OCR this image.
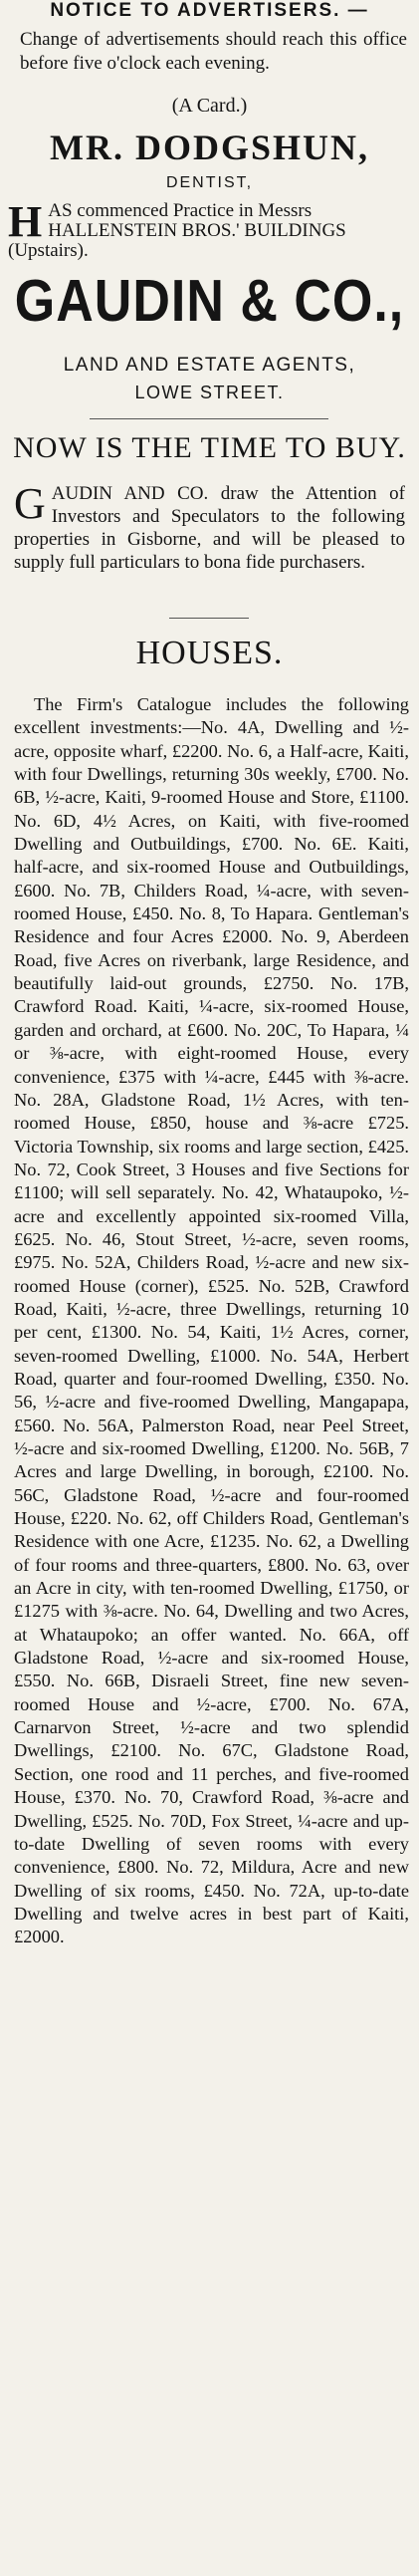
NOTICE TO ADVERTISERS. —
Change of advertisements should reach this office before five o'clock each evening.
(A Card.)
MR. DODGSHUN,
DENTIST,
HAS commenced Practice in Messrs HALLENSTEIN BROS.' BUILDINGS (Upstairs).
GAUDIN & CO.,
LAND AND ESTATE AGENTS,
LOWE STREET.
NOW IS THE TIME TO BUY.
GAUDIN AND CO. draw the Attention of Investors and Speculators to the following properties in Gisborne, and will be pleased to supply full particulars to bona fide purchasers.
HOUSES.
The Firm's Catalogue includes the following excellent investments:—No. 4A, Dwelling and ½-acre, opposite wharf, £2200. No. 6, a Half-acre, Kaiti, with four Dwellings, returning 30s weekly, £700. No. 6B, ½-acre, Kaiti, 9-roomed House and Store, £1100. No. 6D, 4½ Acres, on Kaiti, with five-roomed Dwelling and Outbuildings, £700. No. 6E. Kaiti, half-acre, and six-roomed House and Outbuildings, £600. No. 7B, Childers Road, ¼-acre, with seven-roomed House, £450. No. 8, To Hapara. Gentleman's Residence and four Acres £2000. No. 9, Aberdeen Road, five Acres on riverbank, large Residence, and beautifully laid-out grounds, £2750. No. 17B, Crawford Road. Kaiti, ¼-acre, six-roomed House, garden and orchard, at £600. No. 20C, To Hapara, ¼ or ⅜-acre, with eight-roomed House, every convenience, £375 with ¼-acre, £445 with ⅜-acre. No. 28A, Gladstone Road, 1½ Acres, with ten-roomed House, £850, house and ⅜-acre £725. Victoria Township, six rooms and large section, £425. No. 72, Cook Street, 3 Houses and five Sections for £1100; will sell separately. No. 42, Whataupoko, ½-acre and excellently appointed six-roomed Villa, £625. No. 46, Stout Street, ½-acre, seven rooms, £975. No. 52A, Childers Road, ½-acre and new six-roomed House (corner), £525. No. 52B, Crawford Road, Kaiti, ½-acre, three Dwellings, returning 10 per cent, £1300. No. 54, Kaiti, 1½ Acres, corner, seven-roomed Dwelling, £1000. No. 54A, Herbert Road, quarter and four-roomed Dwelling, £350. No. 56, ½-acre and five-roomed Dwelling, Mangapapa, £560. No. 56A, Palmerston Road, near Peel Street, ½-acre and six-roomed Dwelling, £1200. No. 56B, 7 Acres and large Dwelling, in borough, £2100. No. 56C, Gladstone Road, ½-acre and four-roomed House, £220. No. 62, off Childers Road, Gentleman's Residence with one Acre, £1235. No. 62, a Dwelling of four rooms and three-quarters, £800. No. 63, over an Acre in city, with ten-roomed Dwelling, £1750, or £1275 with ⅜-acre. No. 64, Dwelling and two Acres, at Whataupoko; an offer wanted. No. 66A, off Gladstone Road, ½-acre and six-roomed House, £550. No. 66B, Disraeli Street, fine new seven-roomed House and ½-acre, £700. No. 67A, Carnarvon Street, ½-acre and two splendid Dwellings, £2100. No. 67C, Gladstone Road, Section, one rood and 11 perches, and five-roomed House, £370. No. 70, Crawford Road, ⅜-acre and Dwelling, £525. No. 70D, Fox Street, ¼-acre and up-to-date Dwelling of seven rooms with every convenience, £800. No. 72, Mildura, Acre and new Dwelling of six rooms, £450. No. 72A, up-to-date Dwelling and twelve acres in best part of Kaiti, £2000.
